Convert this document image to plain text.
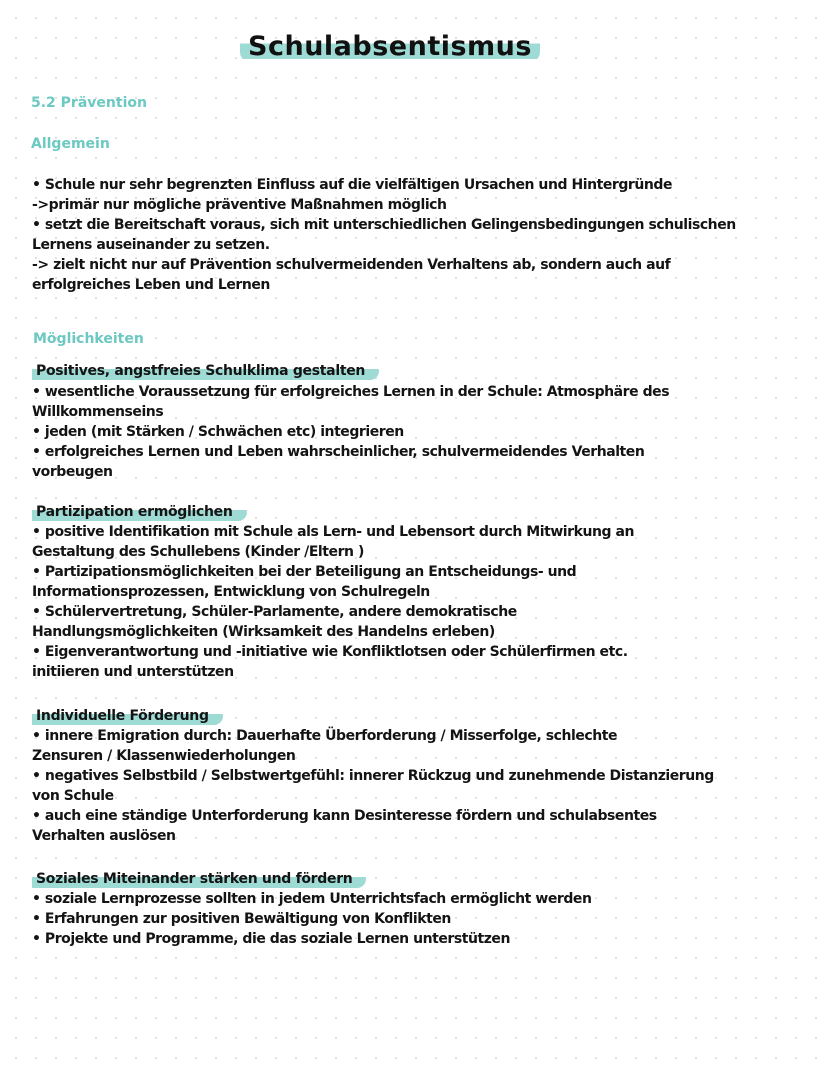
Schulabsentismus
5.2 Prävention
Allgemein
• Schule nur sehr begrenzten Einfluss auf die vielfältigen Ursachen und Hintergründe
->primär nur mögliche präventive Maßnahmen möglich
• setzt die Bereitschaft voraus, sich mit unterschiedlichen Gelingensbedingungen schulischen
Lernens auseinander zu setzen.
-> zielt nicht nur auf Prävention schulvermeidenden Verhaltens ab, sondern auch auf
erfolgreiches Leben und Lernen
Möglichkeiten
Positives, angstfreies Schulklima gestalten
• wesentliche Voraussetzung für erfolgreiches Lernen in der Schule: Atmosphäre des
Willkommenseins
• jeden (mit Stärken / Schwächen etc) integrieren
• erfolgreiches Lernen und Leben wahrscheinlicher, schulvermeidendes Verhalten
vorbeugen
Partizipation ermöglichen
• positive Identifikation mit Schule als Lern- und Lebensort durch Mitwirkung an
Gestaltung des Schullebens (Kinder /Eltern )
• Partizipationsmöglichkeiten bei der Beteiligung an Entscheidungs- und
Informationsprozessen, Entwicklung von Schulregeln
• Schülervertretung, Schüler-Parlamente, andere demokratische
Handlungsmöglichkeiten (Wirksamkeit des Handelns erleben)
• Eigenverantwortung und -initiative wie Konfliktlotsen oder Schülerfirmen etc.
initiieren und unterstützen
Individuelle Förderung
• innere Emigration durch: Dauerhafte Überforderung / Misserfolge, schlechte
Zensuren / Klassenwiederholungen
• negatives Selbstbild / Selbstwertgefühl: innerer Rückzug und zunehmende Distanzierung
von Schule
• auch eine ständige Unterforderung kann Desinteresse fördern und schulabsentes
Verhalten auslösen
Soziales Miteinander stärken und fördern
• soziale Lernprozesse sollten in jedem Unterrichtsfach ermöglicht werden
• Erfahrungen zur positiven Bewältigung von Konflikten
• Projekte und Programme, die das soziale Lernen unterstützen
